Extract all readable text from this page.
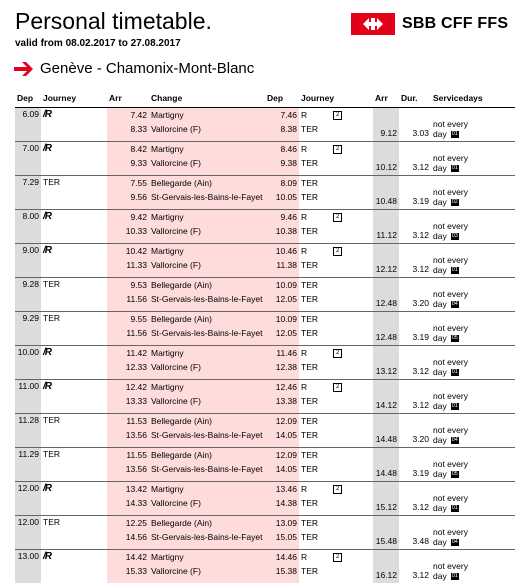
Personal timetable.
valid from 08.02.2017 to 27.08.2017
SBB CFF FFS
Genève - Chamonix-Mont-Blanc
Dep	Journey	Arr	Change	Dep	Journey	Arr	Dur.	Servicedays

6.09	/R	7.42	Martigny	7.46	R 2	9.12	3.03	not every
day 01

		8.33	Vallorcine (F)	8.38	TER			

7.00	/R	8.42	Martigny	8.46	R 2	10.12	3.12	not every
day 01

		9.33	Vallorcine (F)	9.38	TER			

7.29	TER	7.55	Bellegarde (Ain)	8.09	TER	10.48	3.19	not every
day 02

		9.56	St-Gervais-les-Bains-le-Fayet	10.05	TER			

8.00	/R	9.42	Martigny	9.46	R 2	11.12	3.12	not every
day 03

		10.33	Vallorcine (F)	10.38	TER			

9.00	/R	10.42	Martigny	10.46	R 2	12.12	3.12	not every
day 01

		11.33	Vallorcine (F)	11.38	TER			

9.28	TER	9.53	Bellegarde (Ain)	10.09	TER	12.48	3.20	not every
day 04

		11.56	St-Gervais-les-Bains-le-Fayet	12.05	TER			

9.29	TER	9.55	Bellegarde (Ain)	10.09	TER	12.48	3.19	not every
day 05

		11.56	St-Gervais-les-Bains-le-Fayet	12.05	TER			

10.00	/R	11.42	Martigny	11.46	R 2	13.12	3.12	not every
day 01

		12.33	Vallorcine (F)	12.38	TER			

11.00	/R	12.42	Martigny	12.46	R 2	14.12	3.12	not every
day 01

		13.33	Vallorcine (F)	13.38	TER			

11.28	TER	11.53	Bellegarde (Ain)	12.09	TER	14.48	3.20	not every
day 04

		13.56	St-Gervais-les-Bains-le-Fayet	14.05	TER			

11.29	TER	11.55	Bellegarde (Ain)	12.09	TER	14.48	3.19	not every
day 05

		13.56	St-Gervais-les-Bains-le-Fayet	14.05	TER			

12.00	/R	13.42	Martigny	13.46	R 2	15.12	3.12	not every
day 01

		14.33	Vallorcine (F)	14.38	TER			

12.00	TER	12.25	Bellegarde (Ain)	13.09	TER	15.48	3.48	not every
day 04

		14.56	St-Gervais-les-Bains-le-Fayet	15.05	TER			

13.00	/R	14.42	Martigny	14.46	R 2	16.12	3.12	not every
day 01

		15.33	Vallorcine (F)	15.38	TER			
